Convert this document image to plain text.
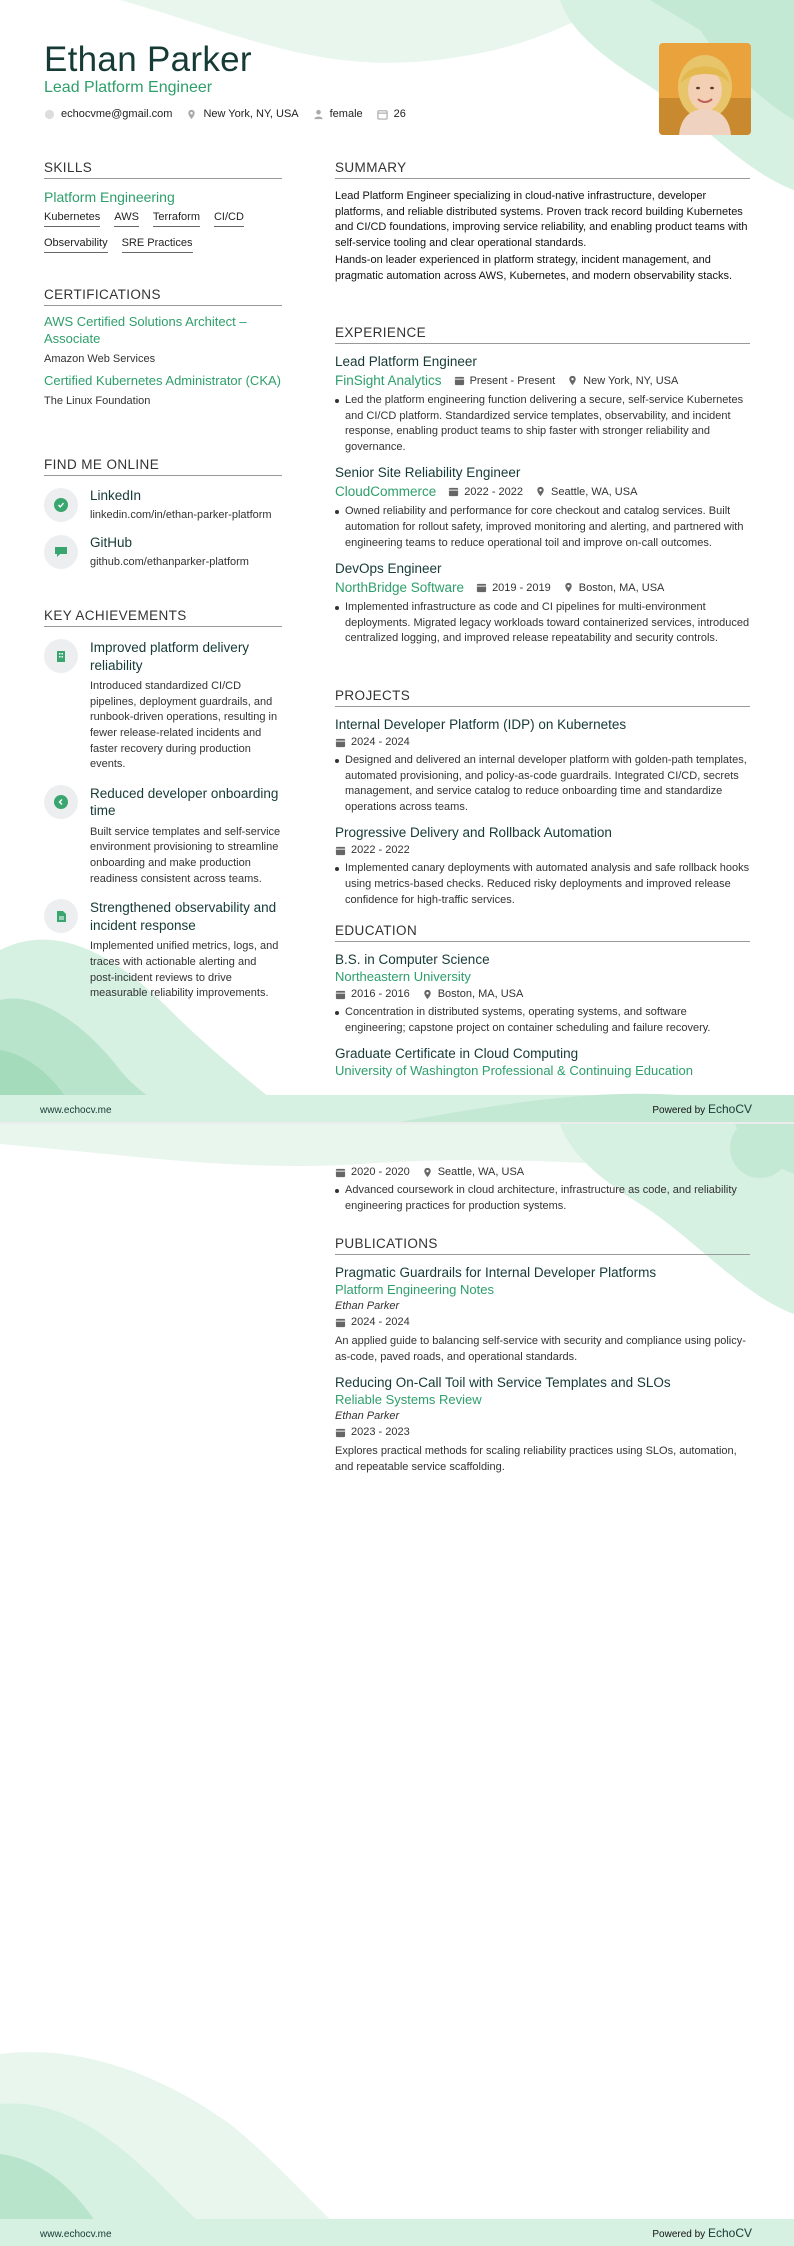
Ethan Parker
Lead Platform Engineer
echocvme@gmail.com	New York, NY, USA	female	26
SKILLS
Platform Engineering
Kubernetes AWS Terraform CI/CD
Observability SRE Practices
CERTIFICATIONS
AWS Certified Solutions Architect – Associate
Amazon Web Services
Certified Kubernetes Administrator (CKA)
The Linux Foundation
FIND ME ONLINE
LinkedIn
linkedin.com/in/ethan-parker-platform
GitHub
github.com/ethanparker-platform
KEY ACHIEVEMENTS
Improved platform delivery reliability
Introduced standardized CI/CD pipelines, deployment guardrails, and runbook-driven operations, resulting in fewer release-related incidents and faster recovery during production events.
Reduced developer onboarding time
Built service templates and self-service environment provisioning to streamline onboarding and make production readiness consistent across teams.
Strengthened observability and incident response
Implemented unified metrics, logs, and traces with actionable alerting and post-incident reviews to drive measurable reliability improvements.
SUMMARY

Lead Platform Engineer specializing in cloud-native infrastructure, developer platforms, and reliable distributed systems. Proven track record building Kubernetes and CI/CD foundations, improving service reliability, and enabling product teams with self-service tooling and clear operational standards.

Hands-on leader experienced in platform strategy, incident management, and pragmatic automation across AWS, Kubernetes, and modern observability stacks.

EXPERIENCE
Lead Platform Engineer
FinSight Analytics	Present - Present	New York, NY, USA
Led the platform engineering function delivering a secure, self-service Kubernetes and CI/CD platform. Standardized service templates, observability, and incident response, enabling product teams to ship faster with stronger reliability and governance.
Senior Site Reliability Engineer
CloudCommerce	2022 - 2022	Seattle, WA, USA
Owned reliability and performance for core checkout and catalog services. Built automation for rollout safety, improved monitoring and alerting, and partnered with engineering teams to reduce operational toil and improve on-call outcomes.
DevOps Engineer
NorthBridge Software	2019 - 2019	Boston, MA, USA
Implemented infrastructure as code and CI pipelines for multi-environment deployments. Migrated legacy workloads toward containerized services, introduced centralized logging, and improved release repeatability and security controls.
PROJECTS
Internal Developer Platform (IDP) on Kubernetes
2024 - 2024
Designed and delivered an internal developer platform with golden-path templates, automated provisioning, and policy-as-code guardrails. Integrated CI/CD, secrets management, and service catalog to reduce onboarding time and standardize operations across teams.
Progressive Delivery and Rollback Automation
2022 - 2022
Implemented canary deployments with automated analysis and safe rollback hooks using metrics-based checks. Reduced risky deployments and improved release confidence for high-traffic services.
EDUCATION
B.S. in Computer Science
Northeastern University
2016 - 2016	Boston, MA, USA
Concentration in distributed systems, operating systems, and software engineering; capstone project on container scheduling and failure recovery.
Graduate Certificate in Cloud Computing
University of Washington Professional & Continuing Education
www.echocv.me	Powered by EchoCV
2020 - 2020	Seattle, WA, USA
Advanced coursework in cloud architecture, infrastructure as code, and reliability engineering practices for production systems.
PUBLICATIONS
Pragmatic Guardrails for Internal Developer Platforms
Platform Engineering Notes
Ethan Parker
2024 - 2024
An applied guide to balancing self-service with security and compliance using policy-as-code, paved roads, and operational standards.
Reducing On-Call Toil with Service Templates and SLOs
Reliable Systems Review
Ethan Parker
2023 - 2023
Explores practical methods for scaling reliability practices using SLOs, automation, and repeatable service scaffolding.
www.echocv.me	Powered by EchoCV
